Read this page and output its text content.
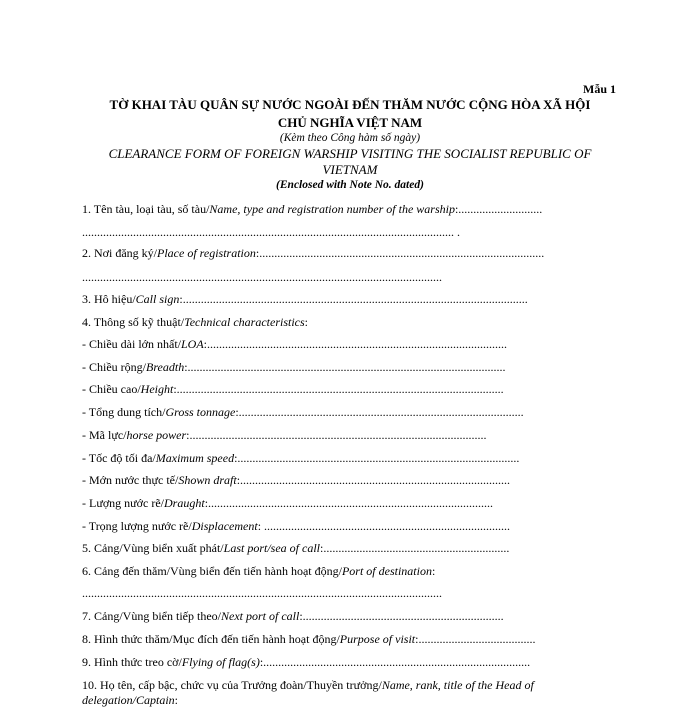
Mẫu 1
TỜ KHAI TÀU QUÂN SỰ NƯỚC NGOÀI ĐẾN THĂM NƯỚC CỘNG HÒA XÃ HỘI
CHỦ NGHĨA VIỆT NAM
(Kèm theo Công hàm số ngày)
CLEARANCE FORM OF FOREIGN WARSHIP VISITING THE SOCIALIST REPUBLIC OF
VIETNAM
(Enclosed with Note No. dated)
1. Tên tàu, loại tàu, số tàu/Name, type and registration number of the warship:............................
............................................................................................................................ .
2. Nơi đăng ký/Place of registration:...............................................................................................
........................................................................................................................
3. Hô hiệu/Call sign:...................................................................................................................
4. Thông số kỹ thuật/Technical characteristics:
- Chiều dài lớn nhất/LOA:....................................................................................................
- Chiều rộng/Breadth:..........................................................................................................
- Chiều cao/Height:.............................................................................................................
- Tổng dung tích/Gross tonnage:...............................................................................................
- Mã lực/horse power:...................................................................................................
- Tốc độ tối đa/Maximum speed:..............................................................................................
- Mớn nước thực tế/Shown draft:..........................................................................................
- Lượng nước rẽ/Draught:...............................................................................................
- Trọng lượng nước rẽ/Displacement: ..................................................................................
5. Cảng/Vùng biển xuất phát/Last port/sea of call:..............................................................
6. Cảng đến thăm/Vùng biển đến tiến hành hoạt động/Port of destination:
........................................................................................................................
7. Cảng/Vùng biển tiếp theo/Next port of call:...................................................................
8. Hình thức thăm/Mục đích đến tiến hành hoạt động/Purpose of visit:.......................................
9. Hình thức treo cờ/Flying of flag(s):.........................................................................................
10. Họ tên, cấp bậc, chức vụ của Trưởng đoàn/Thuyền trưởng/Name, rank, title of the Head of
delegation/Captain:
